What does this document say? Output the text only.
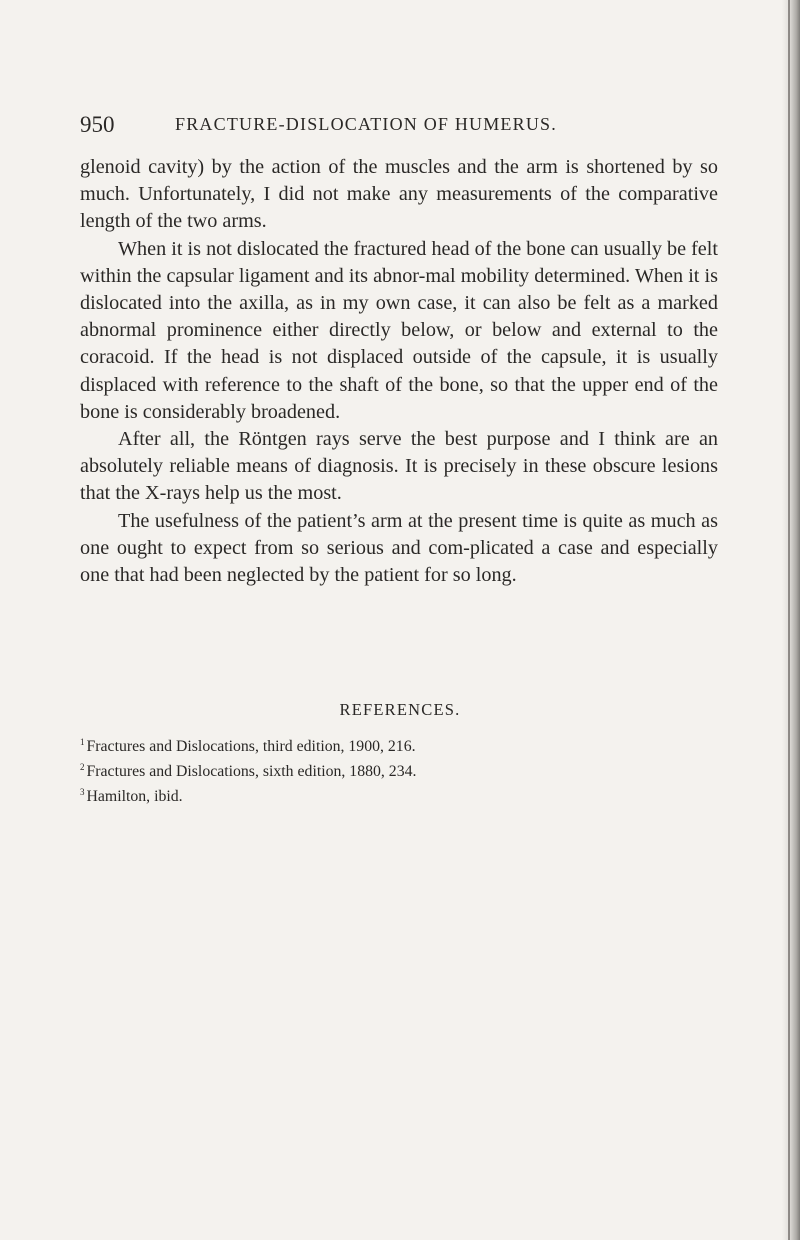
950	FRACTURE-DISLOCATION OF HUMERUS.

glenoid cavity) by the action of the muscles and the arm is shortened by so much. Unfortunately, I did not make any measurements of the comparative length of the two arms.

When it is not dislocated the fractured head of the bone can usually be felt within the capsular ligament and its abnor-mal mobility determined. When it is dislocated into the axilla, as in my own case, it can also be felt as a marked abnormal prominence either directly below, or below and external to the coracoid. If the head is not displaced outside of the capsule, it is usually displaced with reference to the shaft of the bone, so that the upper end of the bone is considerably broadened.

After all, the Röntgen rays serve the best purpose and I think are an absolutely reliable means of diagnosis. It is precisely in these obscure lesions that the X-rays help us the most.

The usefulness of the patient’s arm at the present time is quite as much as one ought to expect from so serious and com-plicated a case and especially one that had been neglected by the patient for so long.

REFERENCES.
$^1$ Fractures and Dislocations, third edition, 1900, 216.
$^2$ Fractures and Dislocations, sixth edition, 1880, 234.
$^3$ Hamilton, ibid.
